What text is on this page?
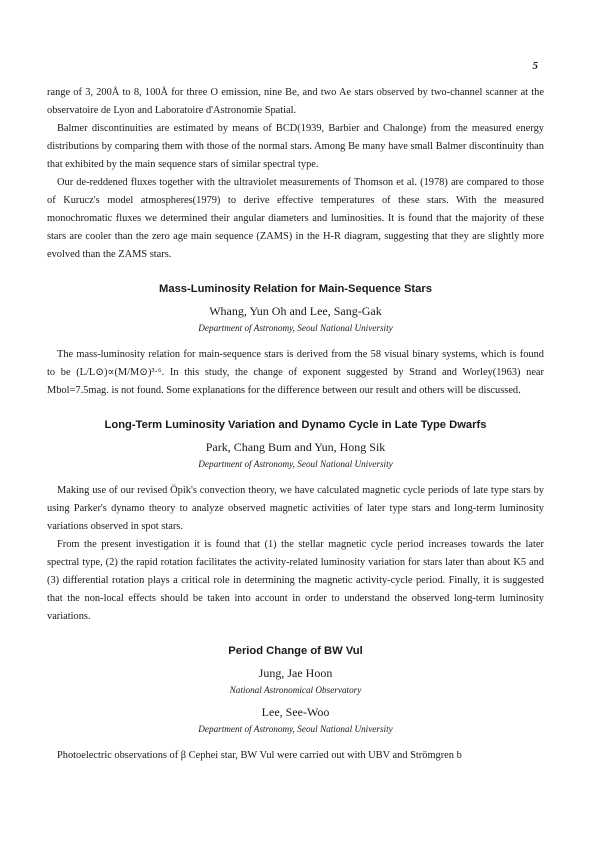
5

range of 3, 200Å to 8, 100Å for three O emission, nine Be, and two Ae stars observed by two-channel scanner at the observatoire de Lyon and Laboratoire d'Astronomie Spatial.

Balmer discontinuities are estimated by means of BCD(1939, Barbier and Chalonge) from the measured energy distributions by comparing them with those of the normal stars. Among Be many have small Balmer discontinuity than that exhibited by the main sequence stars of similar spectral type.

Our de-reddened fluxes together with the ultraviolet measurements of Thomson et al. (1978) are compared to those of Kurucz's model atmospheres(1979) to derive effective temperatures of these stars. With the measured monochromatic fluxes we determined their angular diameters and luminosities. It is found that the majority of these stars are cooler than the zero age main sequence (ZAMS) in the H-R diagram, suggesting that they are slightly more evolved than the ZAMS stars.

Mass-Luminosity Relation for Main-Sequence Stars

Whang, Yun Oh and Lee, Sang-Gak

Department of Astronomy, Seoul National University

The mass-luminosity relation for main-sequence stars is derived from the 58 visual binary systems, which is found to be (L/L⊙)∝(M/M⊙)³·⁶. In this study, the change of exponent suggested by Strand and Worley(1963) near Mbol=7.5mag. is not found. Some explanations for the difference between our result and others will be discussed.

Long-Term Luminosity Variation and Dynamo Cycle in Late Type Dwarfs

Park, Chang Bum and Yun, Hong Sik

Department of Astronomy, Seoul National University

Making use of our revised Öpik's convection theory, we have calculated magnetic cycle periods of late type stars by using Parker's dynamo theory to analyze observed magnetic activities of later type stars and long-term luminosity variations observed in spot stars.

From the present investigation it is found that (1) the stellar magnetic cycle period increases towards the later spectral type, (2) the rapid rotation facilitates the activity-related luminosity variation for stars later than about K5 and (3) differential rotation plays a critical role in determining the magnetic activity-cycle period. Finally, it is suggested that the non-local effects should be taken into account in order to understand the observed long-term luminosity variations.

Period Change of BW Vul

Jung, Jae Hoon

National Astronomical Observatory

Lee, See-Woo

Department of Astronomy, Seoul National University

Photoelectric observations of β Cephei star, BW Vul were carried out with UBV and Strömgren b
